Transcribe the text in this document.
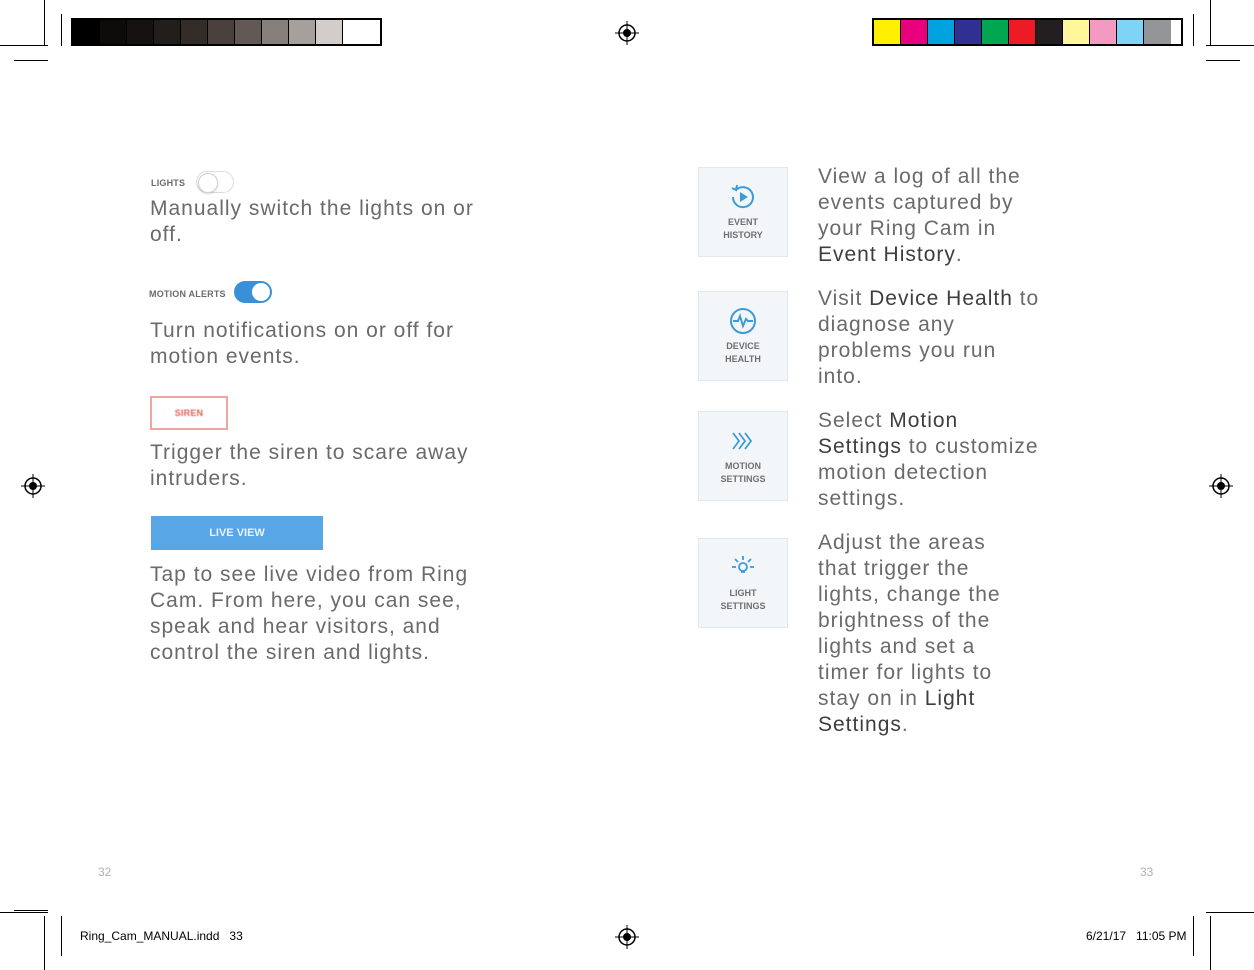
LIGHTS
Manually switch the lights on or off.
MOTION ALERTS
Turn notifications on or off for motion events.
SIREN
Trigger the siren to scare away intruders.
LIVE VIEW
Tap to see live video from Ring Cam. From here, you can see, speak and hear visitors, and control the siren and lights.
32
EVENT
HISTORY
View a log of all the events captured by your Ring Cam in Event History.
DEVICE
HEALTH
Visit Device Health to diagnose any problems you run into.
MOTION
SETTINGS
Select Motion Settings to customize motion detection settings.
LIGHT
SETTINGS
Adjust the areas that trigger the lights, change the brightness of the lights and set a timer for lights to stay on in Light Settings.
33
Ring_Cam_MANUAL.indd   33	6/21/17   11:05 PM
